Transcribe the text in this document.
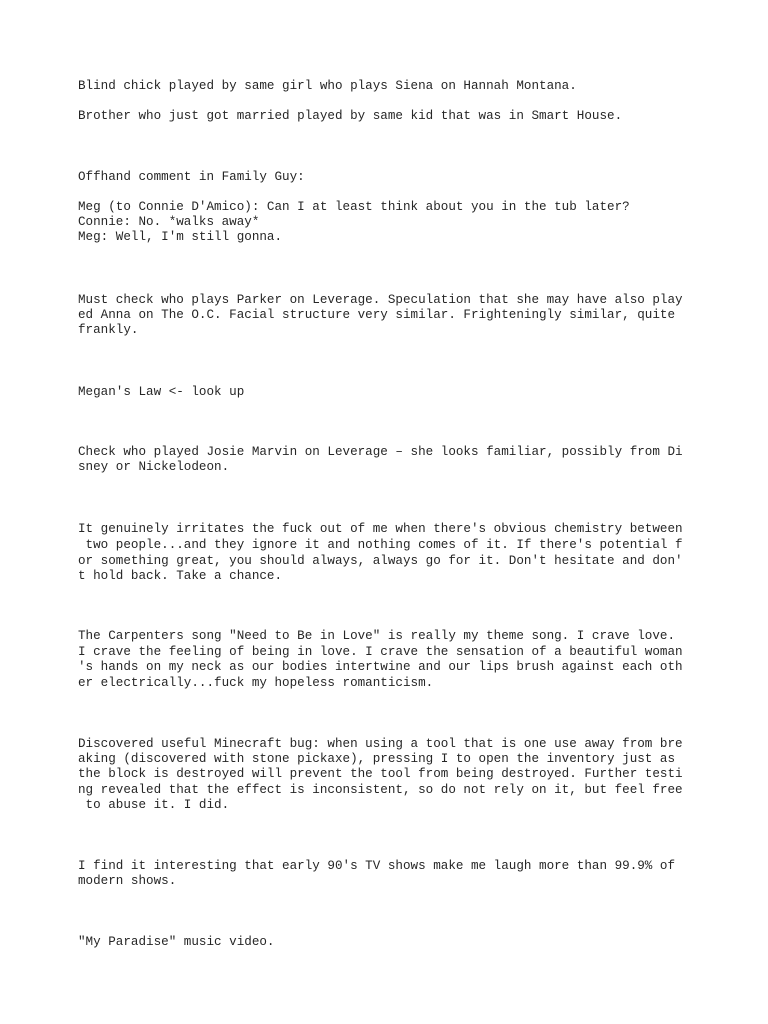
Blind chick played by same girl who plays Siena on Hannah Montana.

Brother who just got married played by same kid that was in Smart House.

Offhand comment in Family Guy:

Meg (to Connie D'Amico): Can I at least think about you in the tub later?

Connie: No. *walks away*

Meg: Well, I'm still gonna.

Must check who plays Parker on Leverage. Speculation that she may have also play

ed Anna on The O.C. Facial structure very similar. Frighteningly similar, quite

frankly.

Megan's Law <- look up

Check who played Josie Marvin on Leverage – she looks familiar, possibly from Di

sney or Nickelodeon.

It genuinely irritates the fuck out of me when there's obvious chemistry between

two people...and they ignore it and nothing comes of it. If there's potential f

or something great, you should always, always go for it. Don't hesitate and don'

t hold back. Take a chance.

The Carpenters song "Need to Be in Love" is really my theme song. I crave love.

I crave the feeling of being in love. I crave the sensation of a beautiful woman

's hands on my neck as our bodies intertwine and our lips brush against each oth

er electrically...fuck my hopeless romanticism.

Discovered useful Minecraft bug: when using a tool that is one use away from bre

aking (discovered with stone pickaxe), pressing I to open the inventory just as

the block is destroyed will prevent the tool from being destroyed. Further testi

ng revealed that the effect is inconsistent, so do not rely on it, but feel free

to abuse it. I did.

I find it interesting that early 90's TV shows make me laugh more than 99.9% of

modern shows.

"My Paradise" music video.
